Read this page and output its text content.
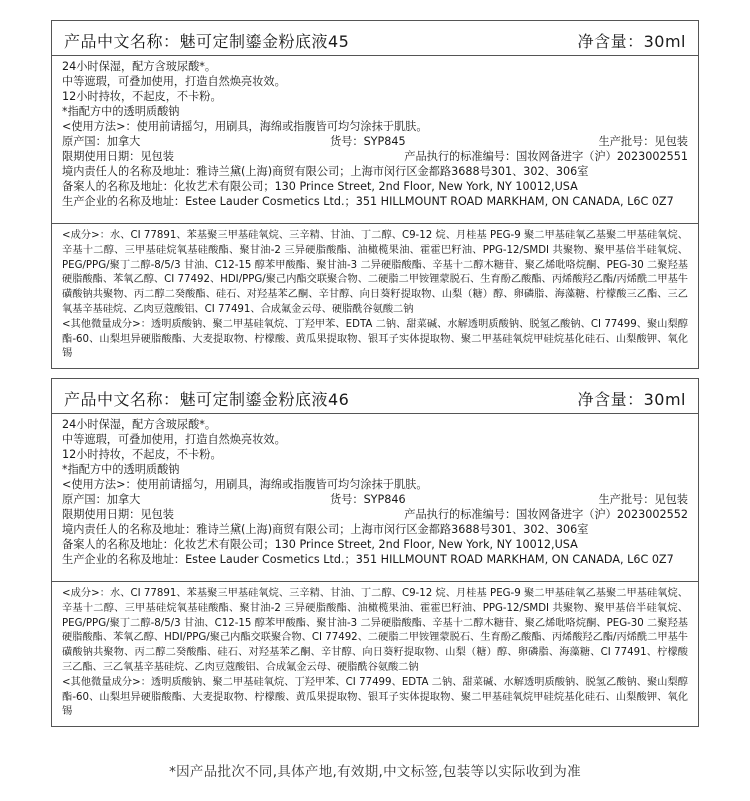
产品中文名称：魅可定制鎏金粉底液45	净含量：30ml
24小时保湿，配方含玻尿酸*。
中等遮瑕，可叠加使用，打造自然焕亮妆效。
12小时持妆，不起皮，不卡粉。
*指配方中的透明质酸钠
<使用方法>：使用前请摇匀，用刷具，海绵或指腹皆可均匀涂抹于肌肤。
原产国：加拿大	货号：SYP845	生产批号：见包装
限期使用日期：见包装	产品执行的标准编号：国妆网备进字（沪）2023002551
境内责任人的名称及地址：雅诗兰黛(上海)商贸有限公司；上海市闵行区金都路3688号301、302、306室
备案人的名称及地址：化妆艺术有限公司；130 Prince Street, 2nd Floor, New York, NY 10012,USA
生产企业的名称及地址：Estee Lauder Cosmetics Ltd.；351 HILLMOUNT ROAD MARKHAM, ON CANADA, L6C 0Z7

<成分>：水、CI 77891、苯基聚三甲基硅氧烷、三辛精、甘油、丁二醇、C9-12 烷、月桂基 PEG-9 聚二甲基硅氧乙基聚二甲基硅氧烷、辛基十二醇、三甲基硅烷氧基硅酸酯、聚甘油-2 三异硬脂酸酯、油橄榄果油、霍霍巴籽油、PPG-12/SMDI 共聚物、聚甲基倍半硅氧烷、PEG/PPG/聚丁二醇-8/5/3 甘油、C12-15 醇苯甲酸酯、聚甘油-3 二异硬脂酸酯、辛基十二醇木糖苷、聚乙烯吡咯烷酮、PEG-30 二聚羟基硬脂酸酯、苯氧乙醇、CI 77492、HDI/PPG/聚己内酯交联聚合物、二硬脂二甲铵锂蒙脱石、生育酚乙酸酯、丙烯酸羟乙酯/丙烯酰二甲基牛磺酸钠共聚物、丙二醇二癸酸酯、硅石、对羟基苯乙酮、辛甘醇、向日葵籽提取物、山梨（糖）醇、卵磷脂、海藻糖、柠檬酸三乙酯、三乙氧基辛基硅烷、乙肉豆蔻酸铝、CI 77491、合成氟金云母、硬脂酰谷氨酸二钠

<其他微量成分>：透明质酸钠、聚二甲基硅氧烷、丁羟甲苯、EDTA 二钠、甜菜碱、水解透明质酸钠、脱氢乙酸钠、CI 77499、聚山梨醇酯-60、山梨坦异硬脂酸酯、大麦提取物、柠檬酸、黄瓜果提取物、银耳子实体提取物、聚二甲基硅氧烷甲硅烷基化硅石、山梨酸钾、氧化锡

产品中文名称：魅可定制鎏金粉底液46	净含量：30ml
24小时保湿，配方含玻尿酸*。
中等遮瑕，可叠加使用，打造自然焕亮妆效。
12小时持妆，不起皮，不卡粉。
*指配方中的透明质酸钠
<使用方法>：使用前请摇匀，用刷具，海绵或指腹皆可均匀涂抹于肌肤。
原产国：加拿大	货号：SYP846	生产批号：见包装
限期使用日期：见包装	产品执行的标准编号：国妆网备进字（沪）2023002552
境内责任人的名称及地址：雅诗兰黛(上海)商贸有限公司；上海市闵行区金都路3688号301、302、306室
备案人的名称及地址：化妆艺术有限公司；130 Prince Street, 2nd Floor, New York, NY 10012,USA
生产企业的名称及地址：Estee Lauder Cosmetics Ltd.；351 HILLMOUNT ROAD MARKHAM, ON CANADA, L6C 0Z7

<成分>：水、CI 77891、苯基聚三甲基硅氧烷、三辛精、甘油、丁二醇、C9-12 烷、月桂基 PEG-9 聚二甲基硅氧乙基聚二甲基硅氧烷、辛基十二醇、三甲基硅烷氧基硅酸酯、聚甘油-2 三异硬脂酸酯、油橄榄果油、霍霍巴籽油、PPG-12/SMDI 共聚物、聚甲基倍半硅氧烷、PEG/PPG/聚丁二醇-8/5/3 甘油、C12-15 醇苯甲酸酯、聚甘油-3 二异硬脂酸酯、辛基十二醇木糖苷、聚乙烯吡咯烷酮、PEG-30 二聚羟基硬脂酸酯、苯氧乙醇、HDI/PPG/聚己内酯交联聚合物、CI 77492、二硬脂二甲铵锂蒙脱石、生育酚乙酸酯、丙烯酸羟乙酯/丙烯酰二甲基牛磺酸钠共聚物、丙二醇二癸酸酯、硅石、对羟基苯乙酮、辛甘醇、向日葵籽提取物、山梨（糖）醇、卵磷脂、海藻糖、CI 77491、柠檬酸三乙酯、三乙氧基辛基硅烷、乙肉豆蔻酸铝、合成氟金云母、硬脂酰谷氨酸二钠

<其他微量成分>：透明质酸钠、聚二甲基硅氧烷、丁羟甲苯、CI 77499、EDTA 二钠、甜菜碱、水解透明质酸钠、脱氢乙酸钠、聚山梨醇酯-60、山梨坦异硬脂酸酯、大麦提取物、柠檬酸、黄瓜果提取物、银耳子实体提取物、聚二甲基硅氧烷甲硅烷基化硅石、山梨酸钾、氧化锡

*因产品批次不同,具体产地,有效期,中文标签,包装等以实际收到为准
